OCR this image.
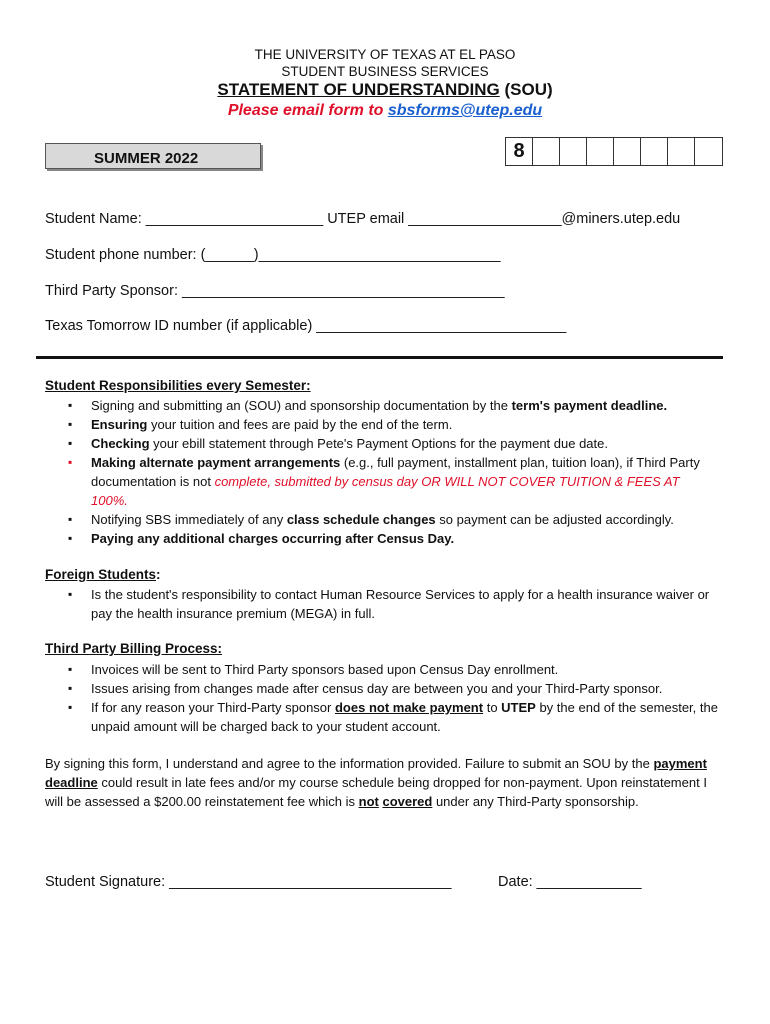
THE UNIVERSITY OF TEXAS AT EL PASO
STUDENT BUSINESS SERVICES
STATEMENT OF UNDERSTANDING (SOU)
Please email form to sbsforms@utep.edu
SUMMER 2022	8
Student Name: ______________________ UTEP email ___________________@miners.utep.edu
Student phone number: (______)______________________________
Third Party Sponsor: ________________________________________
Texas Tomorrow ID number (if applicable) _______________________________
Student Responsibilities every Semester:
▪ Signing and submitting an (SOU) and sponsorship documentation by the term's payment deadline.
▪ Ensuring your tuition and fees are paid by the end of the term.
▪ Checking your ebill statement through Pete's Payment Options for the payment due date.
▪ Making alternate payment arrangements (e.g., full payment, installment plan, tuition loan), if Third Party documentation is not complete, submitted by census day OR WILL NOT COVER TUITION & FEES AT 100%.
▪ Notifying SBS immediately of any class schedule changes so payment can be adjusted accordingly.
▪ Paying any additional charges occurring after Census Day.
Foreign Students:
▪ Is the student's responsibility to contact Human Resource Services to apply for a health insurance waiver or pay the health insurance premium (MEGA) in full.
Third Party Billing Process:
▪ Invoices will be sent to Third Party sponsors based upon Census Day enrollment.
▪ Issues arising from changes made after census day are between you and your Third-Party sponsor.
▪ If for any reason your Third-Party sponsor does not make payment to UTEP by the end of the semester, the unpaid amount will be charged back to your student account.
By signing this form, I understand and agree to the information provided. Failure to submit an SOU by the payment deadline could result in late fees and/or my course schedule being dropped for non-payment. Upon reinstatement I will be assessed a $200.00 reinstatement fee which is not covered under any Third-Party sponsorship.
Student Signature: ___________________________________	Date: _____________
